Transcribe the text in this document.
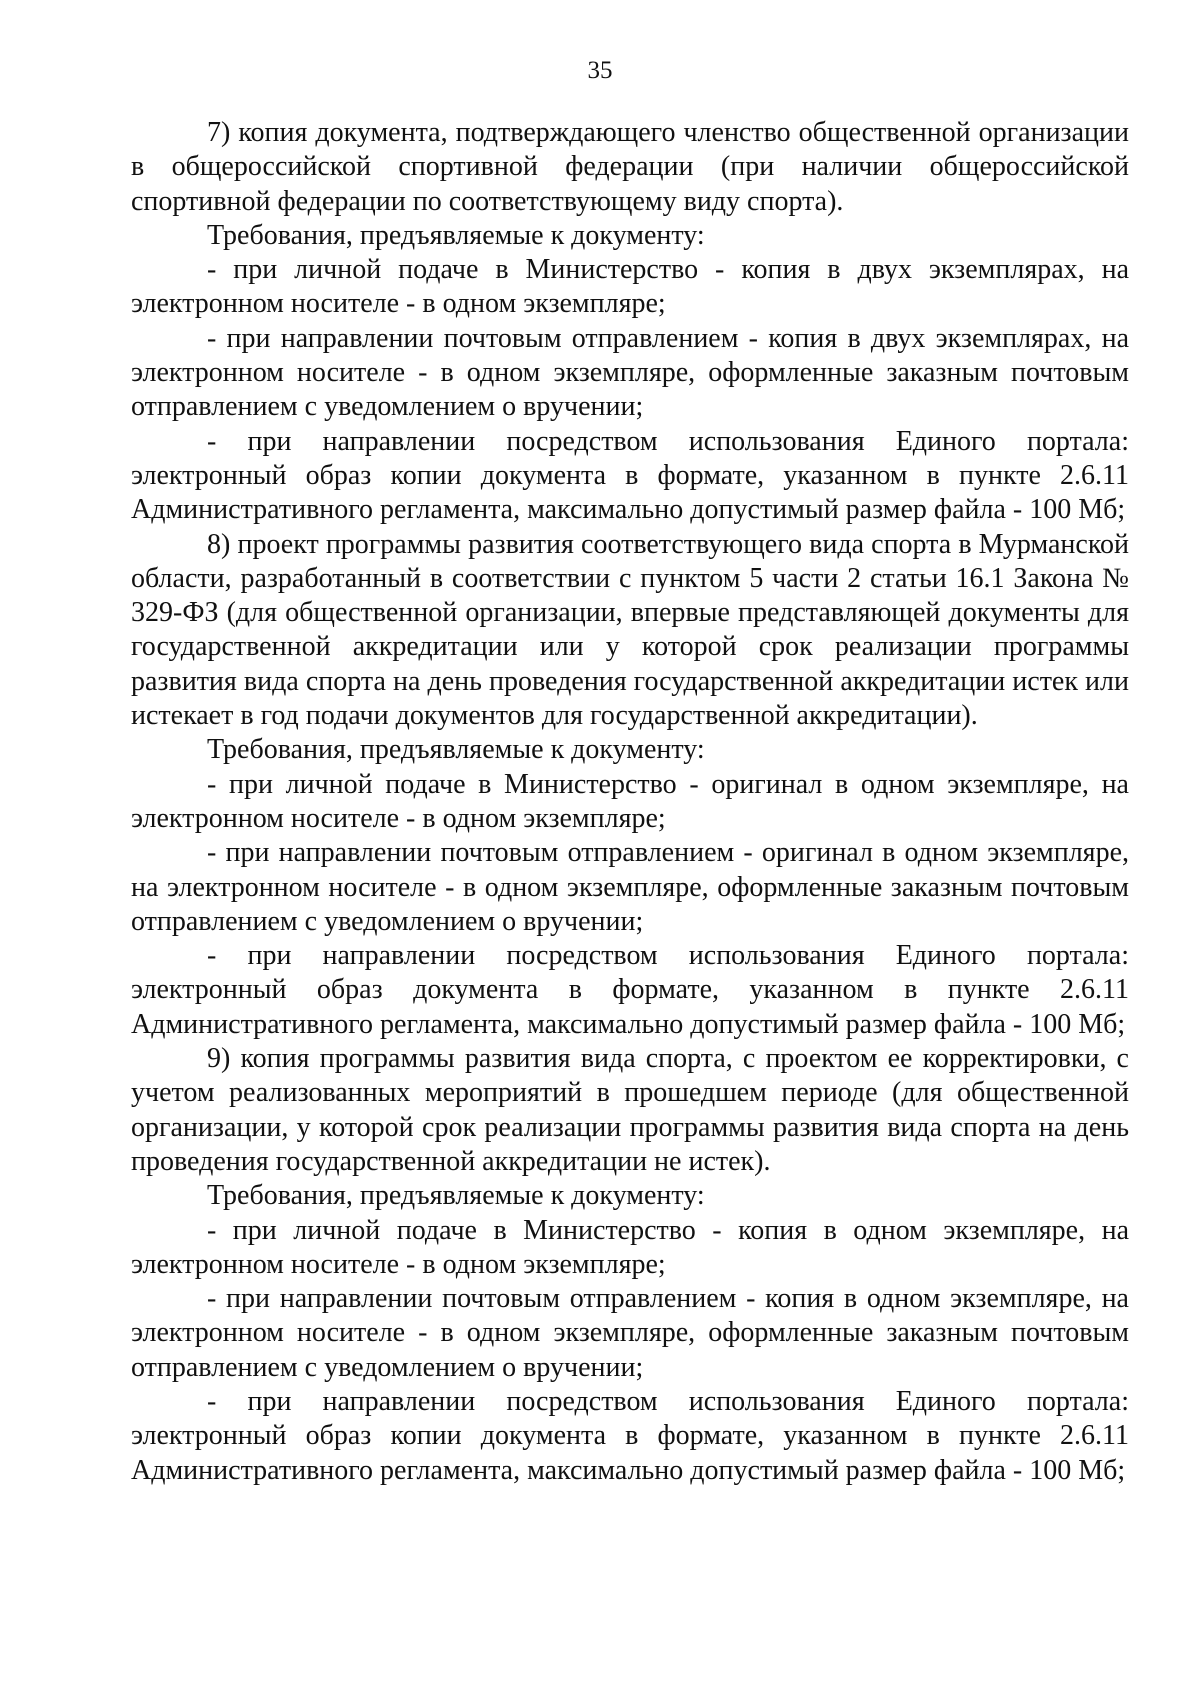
35

7) копия документа, подтверждающего членство общественной организации в общероссийской спортивной федерации (при наличии общероссийской спортивной федерации по соответствующему виду спорта).

Требования, предъявляемые к документу:

- при личной подаче в Министерство - копия в двух экземплярах, на электронном носителе - в одном экземпляре;

- при направлении почтовым отправлением - копия в двух экземплярах, на электронном носителе - в одном экземпляре, оформленные заказным почтовым отправлением с уведомлением о вручении;

- при направлении посредством использования Единого портала: электронный образ копии документа в формате, указанном в пункте 2.6.11 Административного регламента, максимально допустимый размер файла - 100 Мб;

8) проект программы развития соответствующего вида спорта в Мурманской области, разработанный в соответствии с пунктом 5 части 2 статьи 16.1 Закона № 329-ФЗ (для общественной организации, впервые представляющей документы для государственной аккредитации или у которой срок реализации программы развития вида спорта на день проведения государственной аккредитации истек или истекает в год подачи документов для государственной аккредитации).

Требования, предъявляемые к документу:

- при личной подаче в Министерство - оригинал в одном экземпляре, на электронном носителе - в одном экземпляре;

- при направлении почтовым отправлением - оригинал в одном экземпляре, на электронном носителе - в одном экземпляре, оформленные заказным почтовым отправлением с уведомлением о вручении;

- при направлении посредством использования Единого портала: электронный образ документа в формате, указанном в пункте 2.6.11 Административного регламента, максимально допустимый размер файла - 100 Мб;

9) копия программы развития вида спорта, с проектом ее корректировки, с учетом реализованных мероприятий в прошедшем периоде (для общественной организации, у которой срок реализации программы развития вида спорта на день проведения государственной аккредитации не истек).

Требования, предъявляемые к документу:

- при личной подаче в Министерство - копия в одном экземпляре, на электронном носителе - в одном экземпляре;

- при направлении почтовым отправлением - копия в одном экземпляре, на электронном носителе - в одном экземпляре, оформленные заказным почтовым отправлением с уведомлением о вручении;

- при направлении посредством использования Единого портала: электронный образ копии документа в формате, указанном в пункте 2.6.11 Административного регламента, максимально допустимый размер файла - 100 Мб;
